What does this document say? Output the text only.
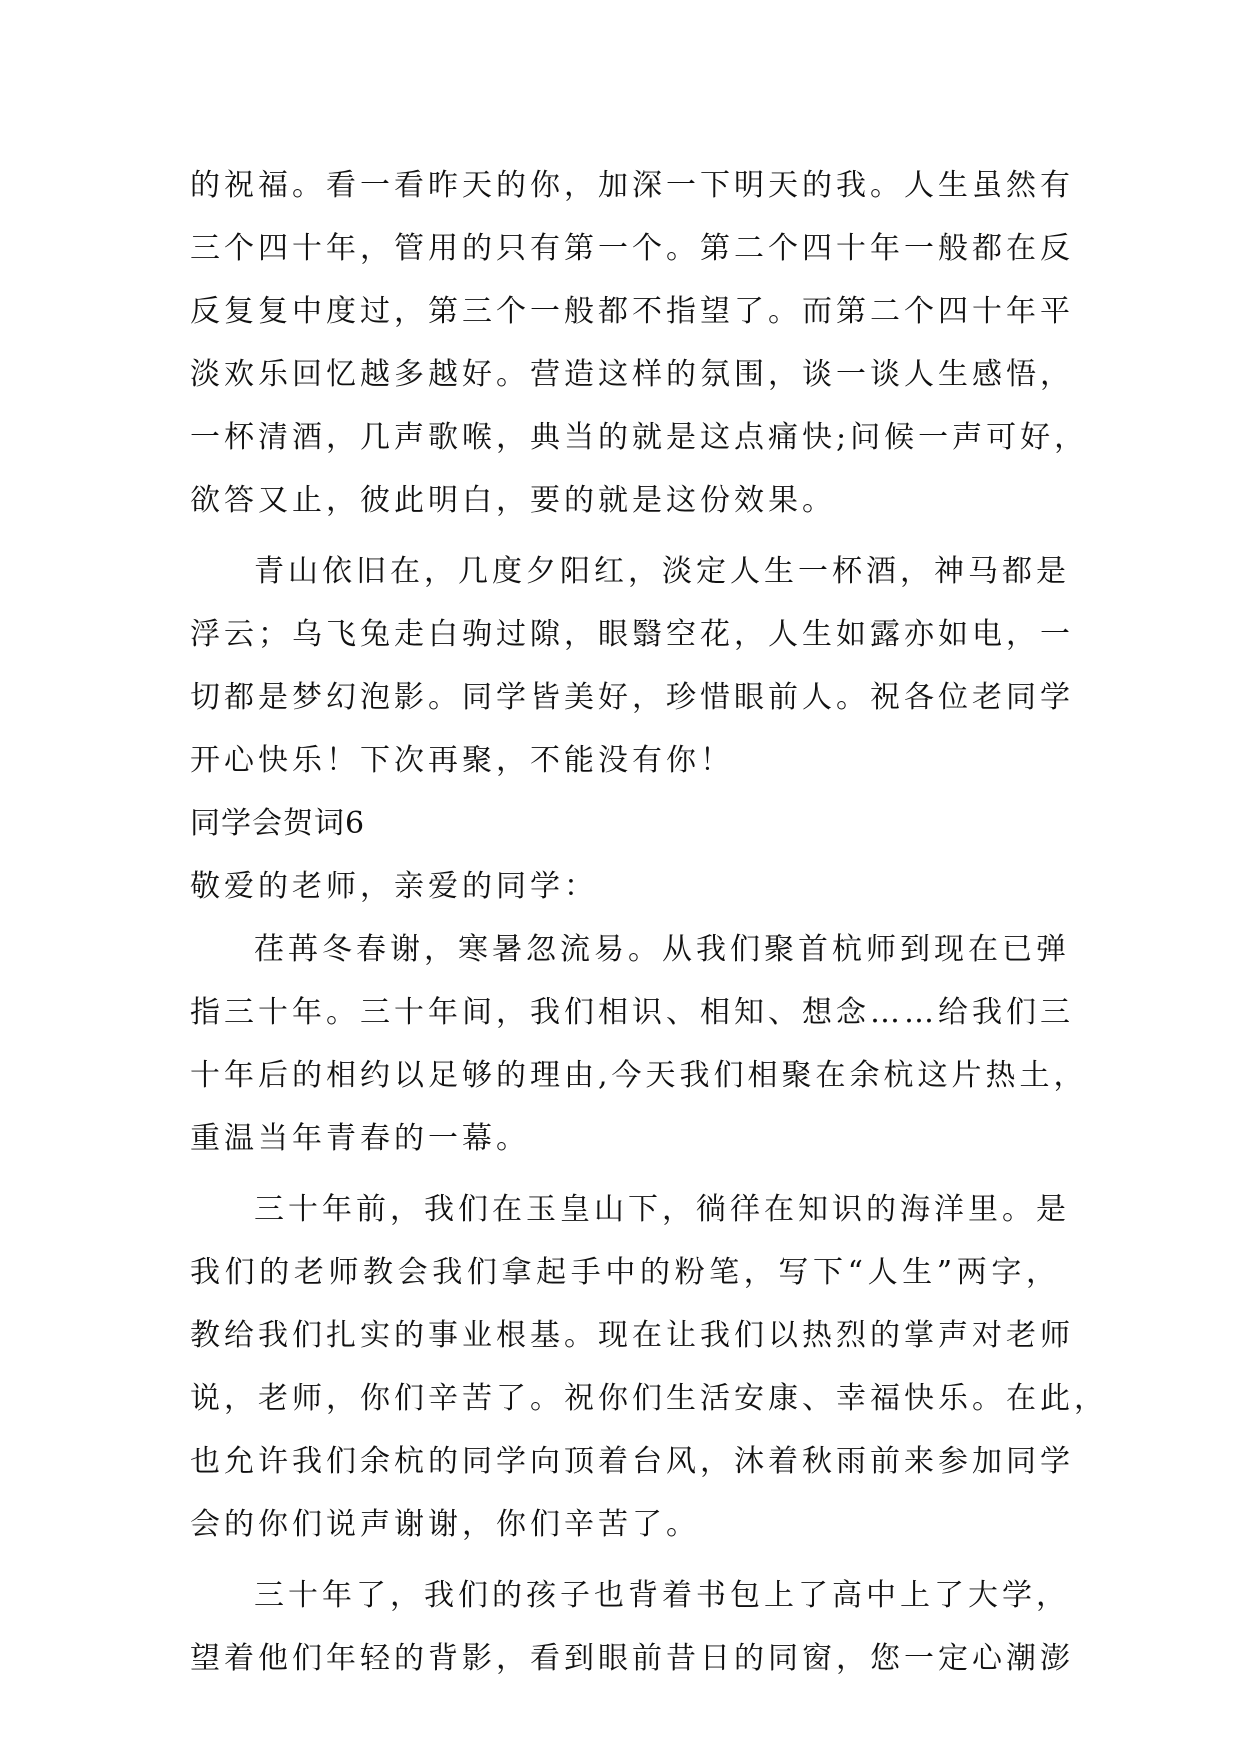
的祝福。看一看昨天的你，加深一下明天的我。人生虽然有
三个四十年，管用的只有第一个。第二个四十年一般都在反
反复复中度过，第三个一般都不指望了。而第二个四十年平
淡欢乐回忆越多越好。营造这样的氛围，谈一谈人生感悟，
一杯清酒，几声歌喉，典当的就是这点痛快;问候一声可好，
欲答又止，彼此明白，要的就是这份效果。
青山依旧在，几度夕阳红，淡定人生一杯酒，神马都是
浮云；乌飞兔走白驹过隙，眼翳空花，人生如露亦如电，一
切都是梦幻泡影。同学皆美好，珍惜眼前人。祝各位老同学
开心快乐！下次再聚，不能没有你！
同学会贺词6
敬爱的老师，亲爱的同学：
荏苒冬春谢，寒暑忽流易。从我们聚首杭师到现在已弹
指三十年。三十年间，我们相识、相知、想念……给我们三
十年后的相约以足够的理由,今天我们相聚在余杭这片热土，
重温当年青春的一幕。
三十年前，我们在玉皇山下，徜徉在知识的海洋里。是
我们的老师教会我们拿起手中的粉笔，写下“人生”两字，
教给我们扎实的事业根基。现在让我们以热烈的掌声对老师
说，老师，你们辛苦了。祝你们生活安康、幸福快乐。在此，
也允许我们余杭的同学向顶着台风，沐着秋雨前来参加同学
会的你们说声谢谢，你们辛苦了。
三十年了，我们的孩子也背着书包上了高中上了大学，
望着他们年轻的背影，看到眼前昔日的同窗，您一定心潮澎
